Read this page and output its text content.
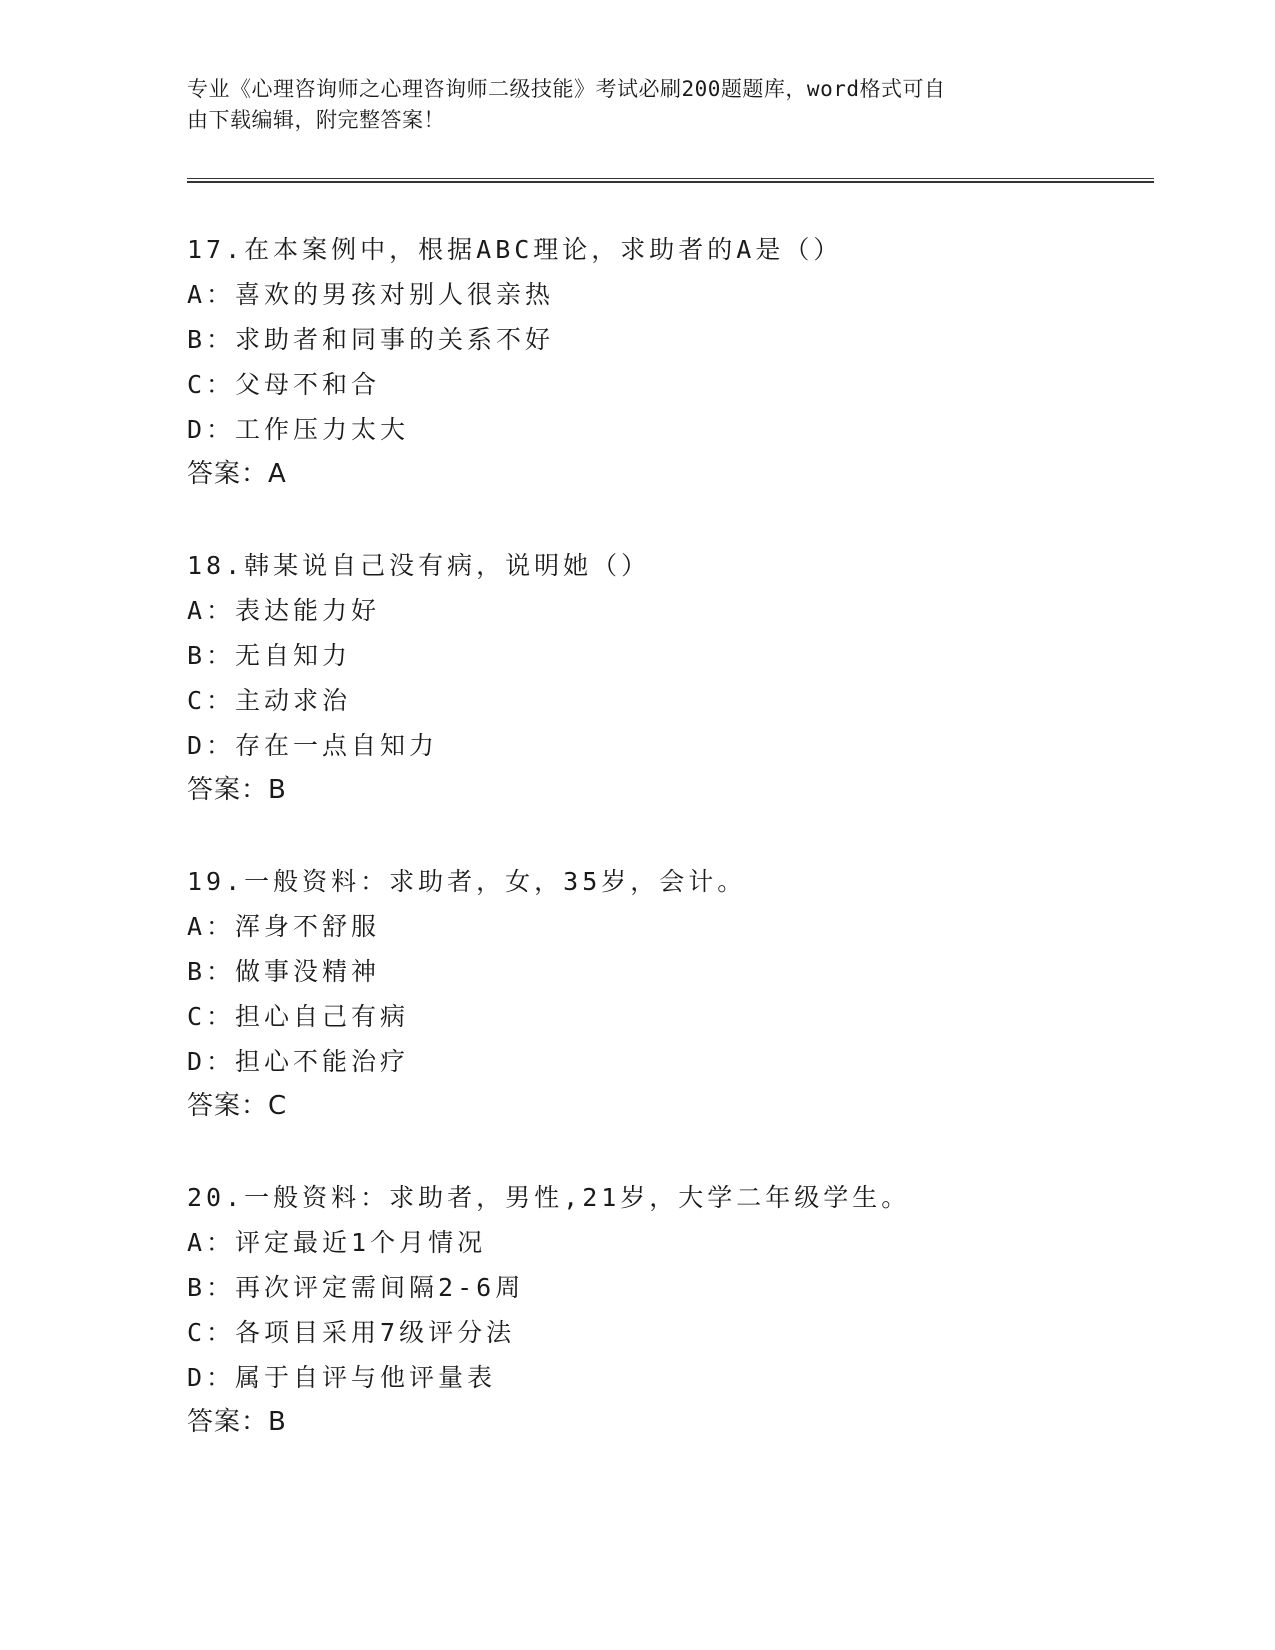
专业《心理咨询师之心理咨询师二级技能》考试必刷200题题库，word格式可自
由下载编辑，附完整答案！
17.在本案例中，根据ABC理论，求助者的A是（）
A：喜欢的男孩对别人很亲热
B：求助者和同事的关系不好
C：父母不和合
D：工作压力太大
答案：A
18.韩某说自己没有病，说明她（）
A：表达能力好
B：无自知力
C：主动求治
D：存在一点自知力
答案：B
19.一般资料：求助者，女，35岁，会计。
A：浑身不舒服
B：做事没精神
C：担心自己有病
D：担心不能治疗
答案：C
20.一般资料：求助者，男性,21岁，大学二年级学生。
A：评定最近1个月情况
B：再次评定需间隔2-6周
C：各项目采用7级评分法
D：属于自评与他评量表
答案：B
